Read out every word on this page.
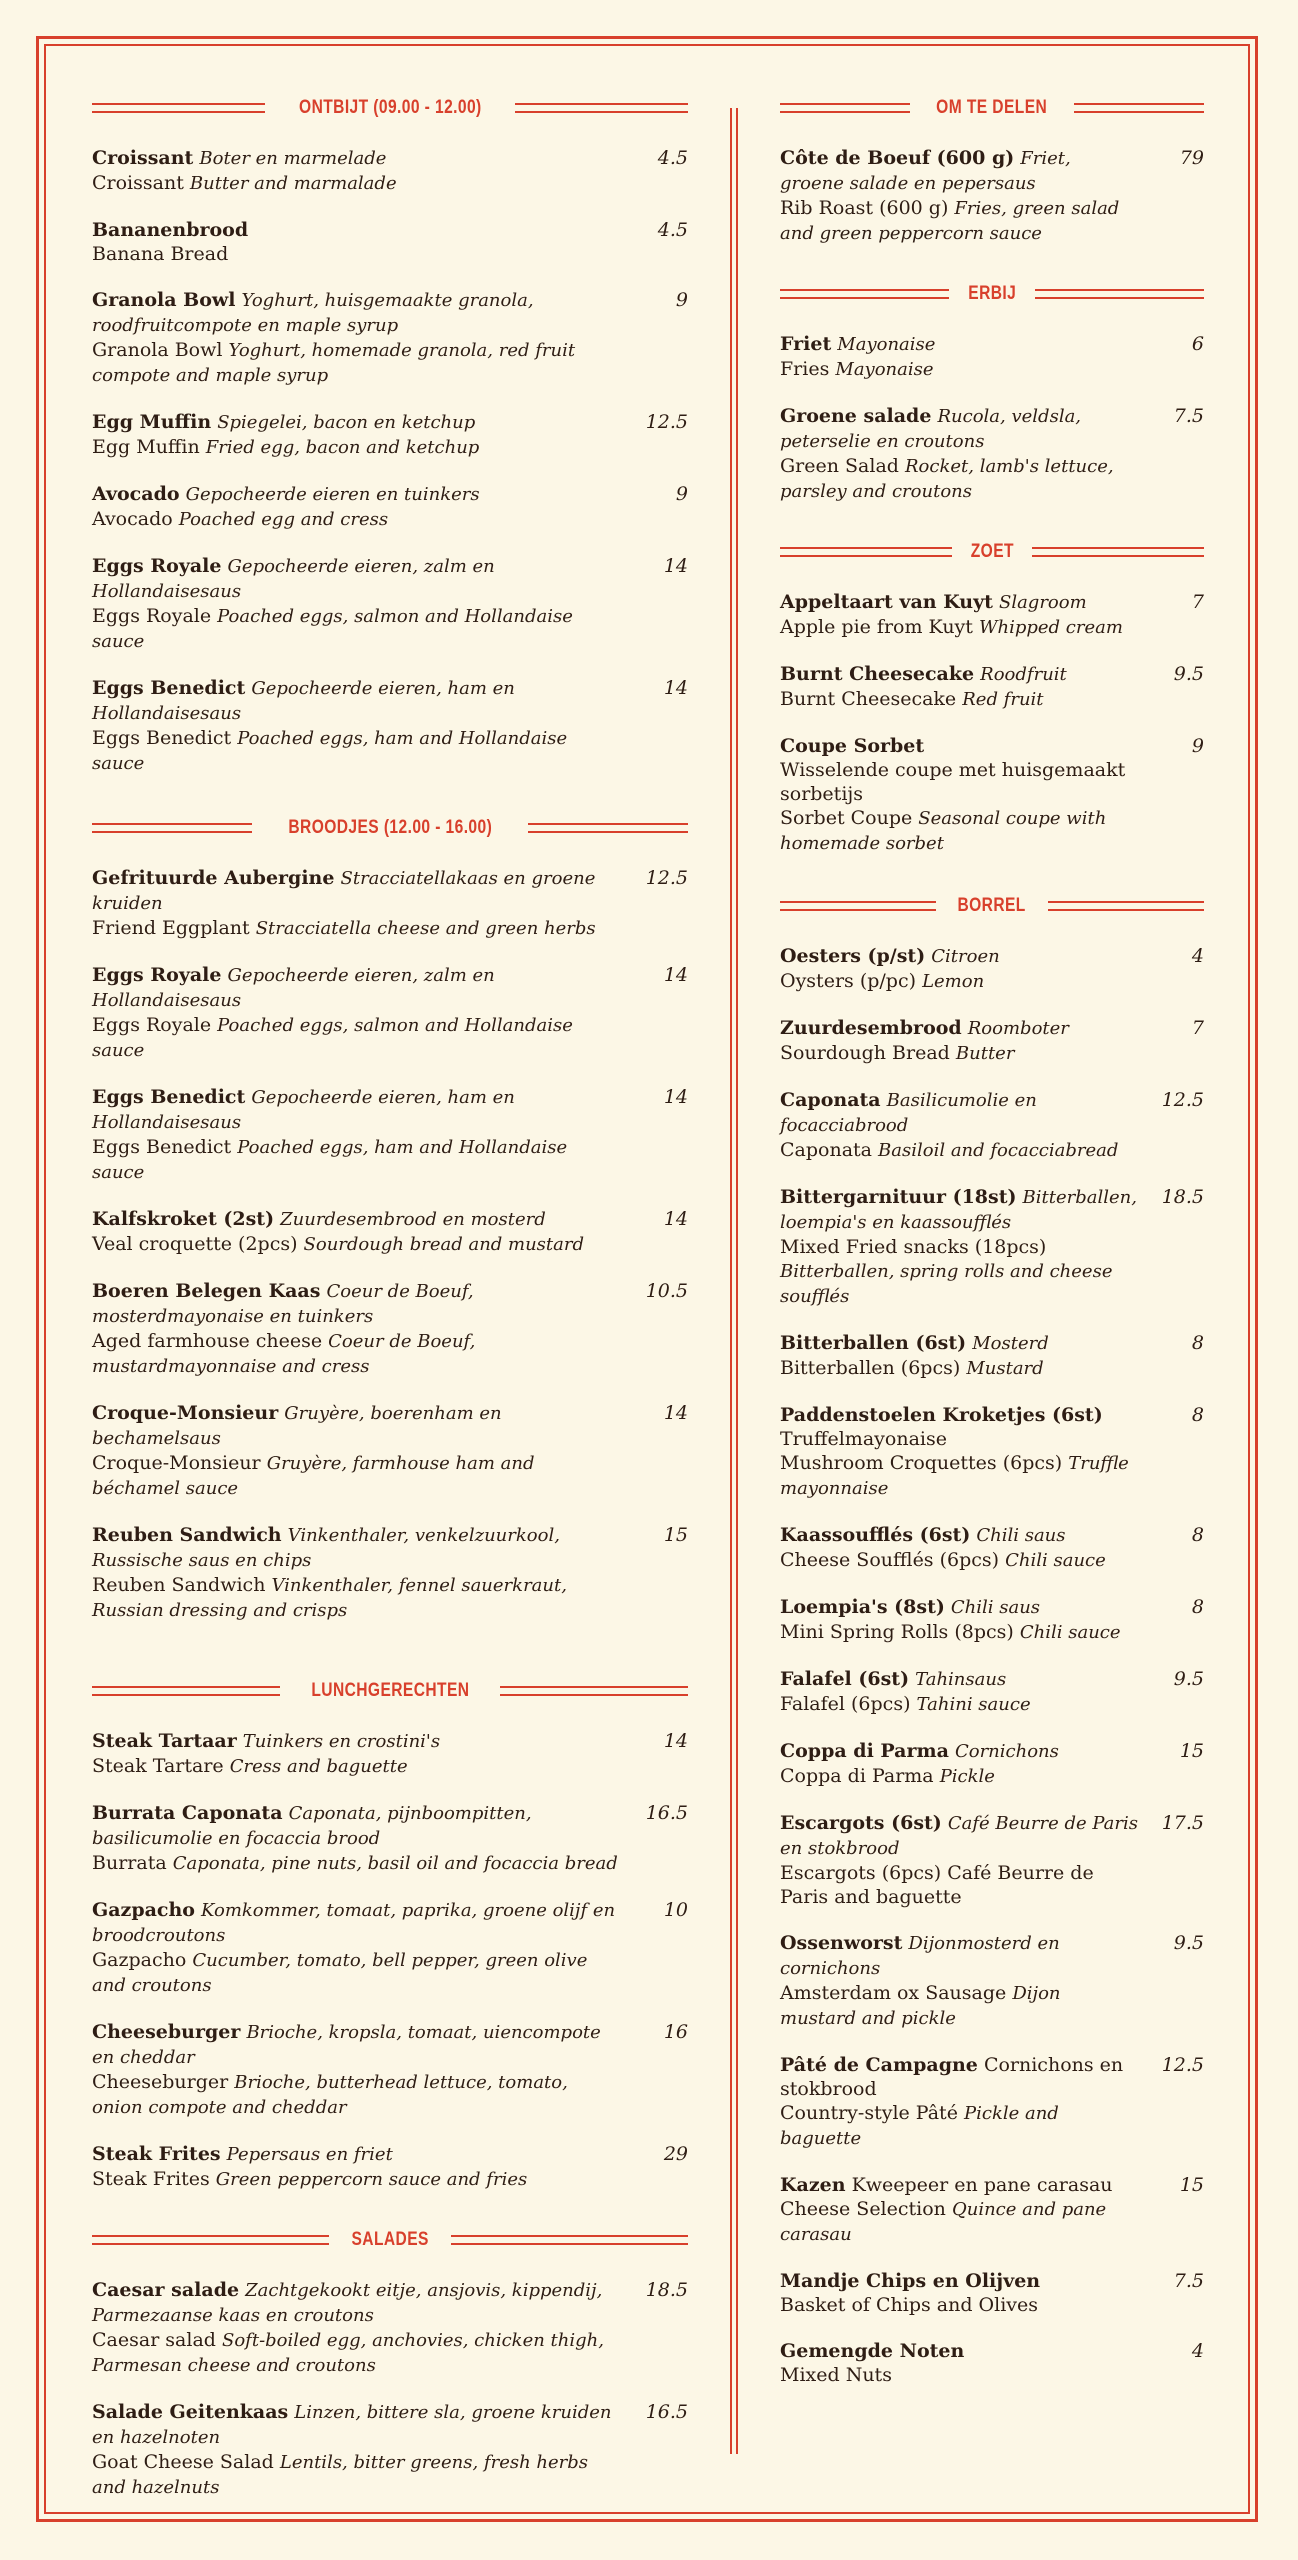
ONTBIJT (09.00 - 12.00)
Croissant Boter en marmelade
Croissant Butter and marmalade
4.5
Bananenbrood
Banana Bread
4.5
Granola Bowl Yoghurt, huisgemaakte granola, roodfruitcompote en maple syrup
Granola Bowl Yoghurt, homemade granola, red fruit compote and maple syrup
9
Egg Muffin Spiegelei, bacon en ketchup
Egg Muffin Fried egg, bacon and ketchup
12.5
Avocado Gepocheerde eieren en tuinkers
Avocado Poached egg and cress
9
Eggs Royale Gepocheerde eieren, zalm en Hollandaisesaus
Eggs Royale Poached eggs, salmon and Hollandaise sauce
14
Eggs Benedict Gepocheerde eieren, ham en Hollandaisesaus
Eggs Benedict Poached eggs, ham and Hollandaise sauce
14
BROODJES (12.00 - 16.00)
Gefrituurde Aubergine Stracciatellakaas en groene kruiden
Friend Eggplant Stracciatella cheese and green herbs
12.5
Eggs Royale Gepocheerde eieren, zalm en Hollandaisesaus
Eggs Royale Poached eggs, salmon and Hollandaise sauce
14
Eggs Benedict Gepocheerde eieren, ham en Hollandaisesaus
Eggs Benedict Poached eggs, ham and Hollandaise sauce
14
Kalfskroket (2st) Zuurdesembrood en mosterd
Veal croquette (2pcs) Sourdough bread and mustard
14
Boeren Belegen Kaas Coeur de Boeuf, mosterdmayonaise en tuinkers
Aged farmhouse cheese Coeur de Boeuf, mustardmayonnaise and cress
10.5
Croque-Monsieur Gruyère, boerenham en bechamelsaus
Croque-Monsieur Gruyère, farmhouse ham and béchamel sauce
14
Reuben Sandwich Vinkenthaler, venkelzuurkool, Russische saus en chips
Reuben Sandwich Vinkenthaler, fennel sauerkraut, Russian dressing and crisps
15
LUNCHGERECHTEN
Steak Tartaar Tuinkers en crostini's
Steak Tartare Cress and baguette
14
Burrata Caponata Caponata, pijnboompitten, basilicumolie en focaccia brood
Burrata Caponata, pine nuts, basil oil and focaccia bread
16.5
Gazpacho Komkommer, tomaat, paprika, groene olijf en broodcroutons
Gazpacho Cucumber, tomato, bell pepper, green olive and croutons
10
Cheeseburger Brioche, kropsla, tomaat, uiencompote en cheddar
Cheeseburger Brioche, butterhead lettuce, tomato, onion compote and cheddar
16
Steak Frites Pepersaus en friet
Steak Frites Green peppercorn sauce and fries
29
SALADES
Caesar salade Zachtgekookt eitje, ansjovis, kippendij, Parmezaanse kaas en croutons
Caesar salad Soft-boiled egg, anchovies, chicken thigh, Parmesan cheese and croutons
18.5
Salade Geitenkaas Linzen, bittere sla, groene kruiden en hazelnoten
Goat Cheese Salad Lentils, bitter greens, fresh herbs and hazelnuts
16.5
OM TE DELEN
Côte de Boeuf (600 g) Friet, groene salade en pepersaus
Rib Roast (600 g) Fries, green salad and green peppercorn sauce
79
ERBIJ
Friet Mayonaise
Fries Mayonaise
6
Groene salade Rucola, veldsla, peterselie en croutons
Green Salad Rocket, lamb's lettuce, parsley and croutons
7.5
ZOET
Appeltaart van Kuyt Slagroom
Apple pie from Kuyt Whipped cream
7
Burnt Cheesecake Roodfruit
Burnt Cheesecake Red fruit
9.5
Coupe Sorbet
Wisselende coupe met huisgemaakt sorbetijs
Sorbet Coupe Seasonal coupe with homemade sorbet
9
BORREL
Oesters (p/st) Citroen
Oysters (p/pc) Lemon
4
Zuurdesembrood Roomboter
Sourdough Bread Butter
7
Caponata Basilicumolie en focacciabrood
Caponata Basiloil and focacciabread
12.5
Bittergarnituur (18st) Bitterballen, loempia's en kaassoufflés
Mixed Fried snacks (18pcs) Bitterballen, spring rolls and cheese soufflés
18.5
Bitterballen (6st) Mosterd
Bitterballen (6pcs) Mustard
8
Paddenstoelen Kroketjes (6st)
Truffelmayonaise
Mushroom Croquettes (6pcs) Truffle mayonnaise
8
Kaassoufflés (6st) Chili saus
Cheese Soufflés (6pcs) Chili sauce
8
Loempia's (8st) Chili saus
Mini Spring Rolls (8pcs) Chili sauce
8
Falafel (6st) Tahinsaus
Falafel (6pcs) Tahini sauce
9.5
Coppa di Parma Cornichons
Coppa di Parma Pickle
15
Escargots (6st) Café Beurre de Paris en stokbrood
Escargots (6pcs) Café Beurre de Paris and baguette
17.5
Ossenworst Dijonmosterd en cornichons
Amsterdam ox Sausage Dijon mustard and pickle
9.5
Pâté de Campagne Cornichons en stokbrood
Country-style Pâté Pickle and baguette
12.5
Kazen Kweepeer en pane carasau
Cheese Selection Quince and pane carasau
15
Mandje Chips en Olijven
Basket of Chips and Olives
7.5
Gemengde Noten
Mixed Nuts
4
